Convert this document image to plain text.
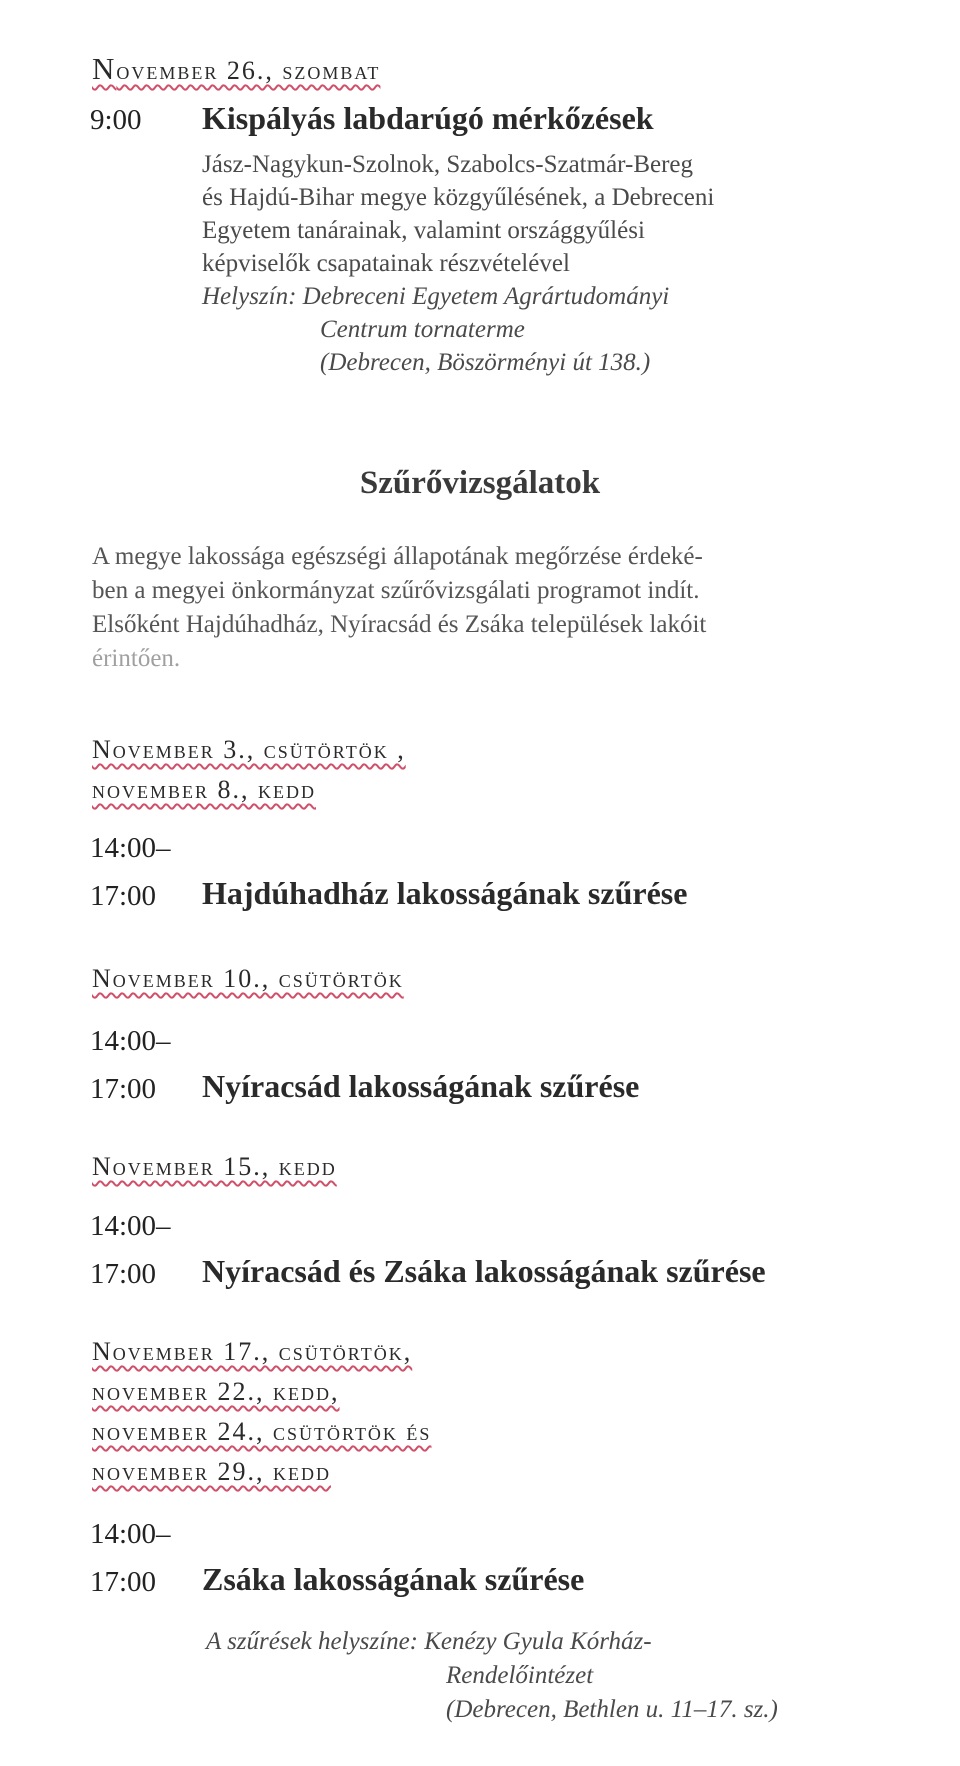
November 26., szombat
9:00 Kispályás labdarúgó mérkőzések

Jász-Nagykun-Szolnok, Szabolcs-Szatmár-Bereg

és Hajdú-Bihar megye közgyűlésének, a Debreceni

Egyetem tanárainak, valamint országgyűlési

képviselők csapatainak részvételével

Helyszín: Debreceni Egyetem Agrártudományi

Centrum tornaterme

(Debrecen, Böszörményi út 138.)

Szűrővizsgálatok

A megye lakossága egészségi állapotának megőrzése érdeké-

ben a megyei önkormányzat szűrővizsgálati programot indít.

Elsőként Hajdúhadház, Nyíracsád és Zsáka települések lakóit

érintően.

November 3., csütörtök ,
november 8., kedd
14:00–
17:00 Hajdúhadház lakosságának szűrése
November 10., csütörtök
14:00–
17:00 Nyíracsád lakosságának szűrése
November 15., kedd
14:00–
17:00 Nyíracsád és Zsáka lakosságának szűrése
November 17., csütörtök,
november 22., kedd,
november 24., csütörtök és
november 29., kedd
14:00–
17:00 Zsáka lakosságának szűrése

A szűrések helyszíne: Kenézy Gyula Kórház-

Rendelőintézet

(Debrecen, Bethlen u. 11–17. sz.)
